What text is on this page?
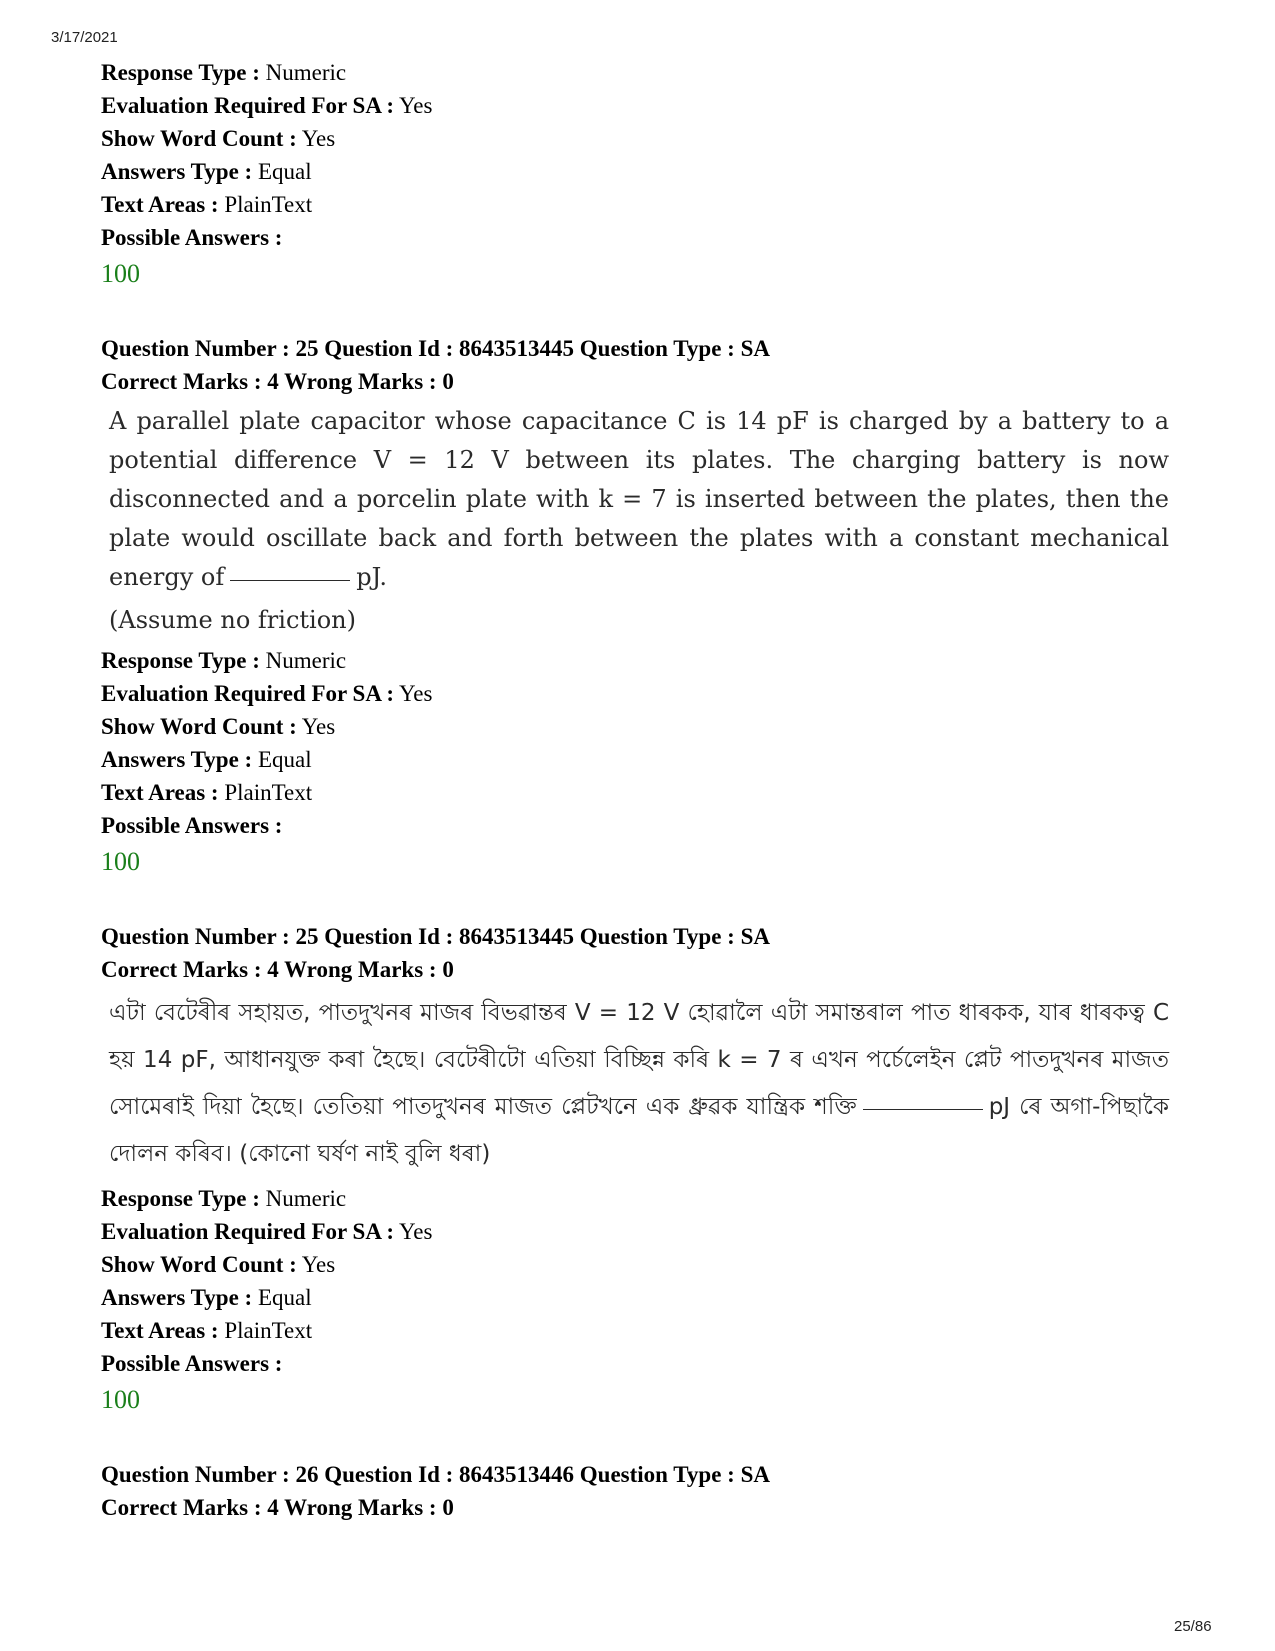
3/17/2021
Response Type : Numeric
Evaluation Required For SA : Yes
Show Word Count : Yes
Answers Type : Equal
Text Areas : PlainText
Possible Answers :
100
Question Number : 25 Question Id : 8643513445 Question Type : SA
Correct Marks : 4 Wrong Marks : 0

A parallel plate capacitor whose capacitance C is 14 pF is charged by a battery to a potential difference V = 12 V between its plates. The charging battery is now disconnected and a porcelin plate with k = 7 is inserted between the plates, then the plate would oscillate back and forth between the plates with a constant mechanical energy of	pJ.

(Assume no friction)

Response Type : Numeric
Evaluation Required For SA : Yes
Show Word Count : Yes
Answers Type : Equal
Text Areas : PlainText
Possible Answers :
100
Question Number : 25 Question Id : 8643513445 Question Type : SA
Correct Marks : 4 Wrong Marks : 0
এটা বেটেৰীৰ সহায়ত, পাতদুখনৰ মাজৰ বিভৱান্তৰ V = 12 V হোৱালৈ এটা সমান্তৰাল পাত ধাৰকক, যাৰ ধাৰকত্ব C হয় 14 pF, আধানযুক্ত কৰা হৈছে। বেটেৰীটো এতিয়া বিচ্ছিন্ন কৰি k = 7 ৰ এখন পৰ্চেলেইন প্লেট পাতদুখনৰ মাজত সোমেৰাই দিয়া হৈছে। তেতিয়া পাতদুখনৰ মাজত প্লেটখনে এক ধ্ৰুৱক যান্ত্ৰিক শক্তি	pJ ৰে অগা-পিছাকৈ দোলন কৰিব। (কোনো ঘৰ্ষণ নাই বুলি ধৰা)
Response Type : Numeric
Evaluation Required For SA : Yes
Show Word Count : Yes
Answers Type : Equal
Text Areas : PlainText
Possible Answers :
100
Question Number : 26 Question Id : 8643513446 Question Type : SA
Correct Marks : 4 Wrong Marks : 0
25/86
